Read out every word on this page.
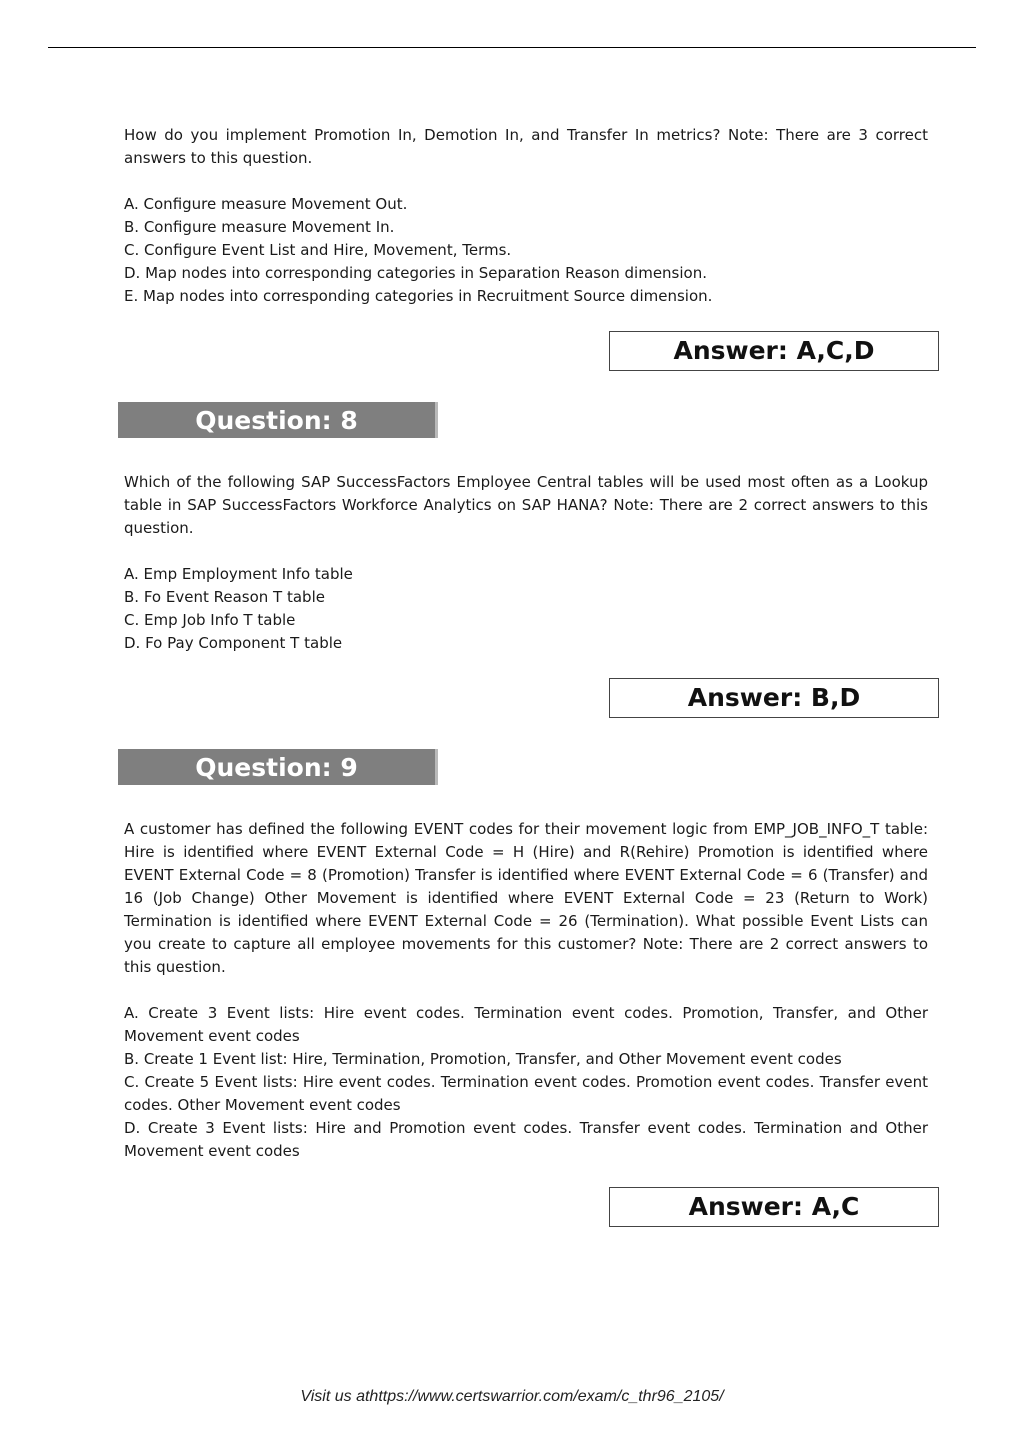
How do you implement Promotion In, Demotion In, and Transfer In metrics? Note: There are 3 correct answers to this question.

A. Configure measure Movement Out.

B. Configure measure Movement In.

C. Configure Event List and Hire, Movement, Terms.

D. Map nodes into corresponding categories in Separation Reason dimension.

E. Map nodes into corresponding categories in Recruitment Source dimension.

Answer: A,C,D
Question: 8

Which of the following SAP SuccessFactors Employee Central tables will be used most often as a Lookup table in SAP SuccessFactors Workforce Analytics on SAP HANA? Note: There are 2 correct answers to this question.

A. Emp Employment Info table

B. Fo Event Reason T table

C. Emp Job Info T table

D. Fo Pay Component T table

Answer: B,D
Question: 9

A customer has defined the following EVENT codes for their movement logic from EMP_JOB_INFO_T table: Hire is identified where EVENT External Code = H (Hire) and R(Rehire) Promotion is identified where EVENT External Code = 8 (Promotion) Transfer is identified where EVENT External Code = 6 (Transfer) and 16 (Job Change) Other Movement is identified where EVENT External Code = 23 (Return to Work) Termination is identified where EVENT External Code = 26 (Termination). What possible Event Lists can you create to capture all employee movements for this customer? Note: There are 2 correct answers to this question.

A. Create 3 Event lists: Hire event codes. Termination event codes. Promotion, Transfer, and Other Movement event codes

B. Create 1 Event list: Hire, Termination, Promotion, Transfer, and Other Movement event codes

C. Create 5 Event lists: Hire event codes. Termination event codes. Promotion event codes. Transfer event codes. Other Movement event codes

D. Create 3 Event lists: Hire and Promotion event codes. Transfer event codes. Termination and Other Movement event codes

Answer: A,C
Visit us athttps://www.certswarrior.com/exam/c_thr96_2105/
